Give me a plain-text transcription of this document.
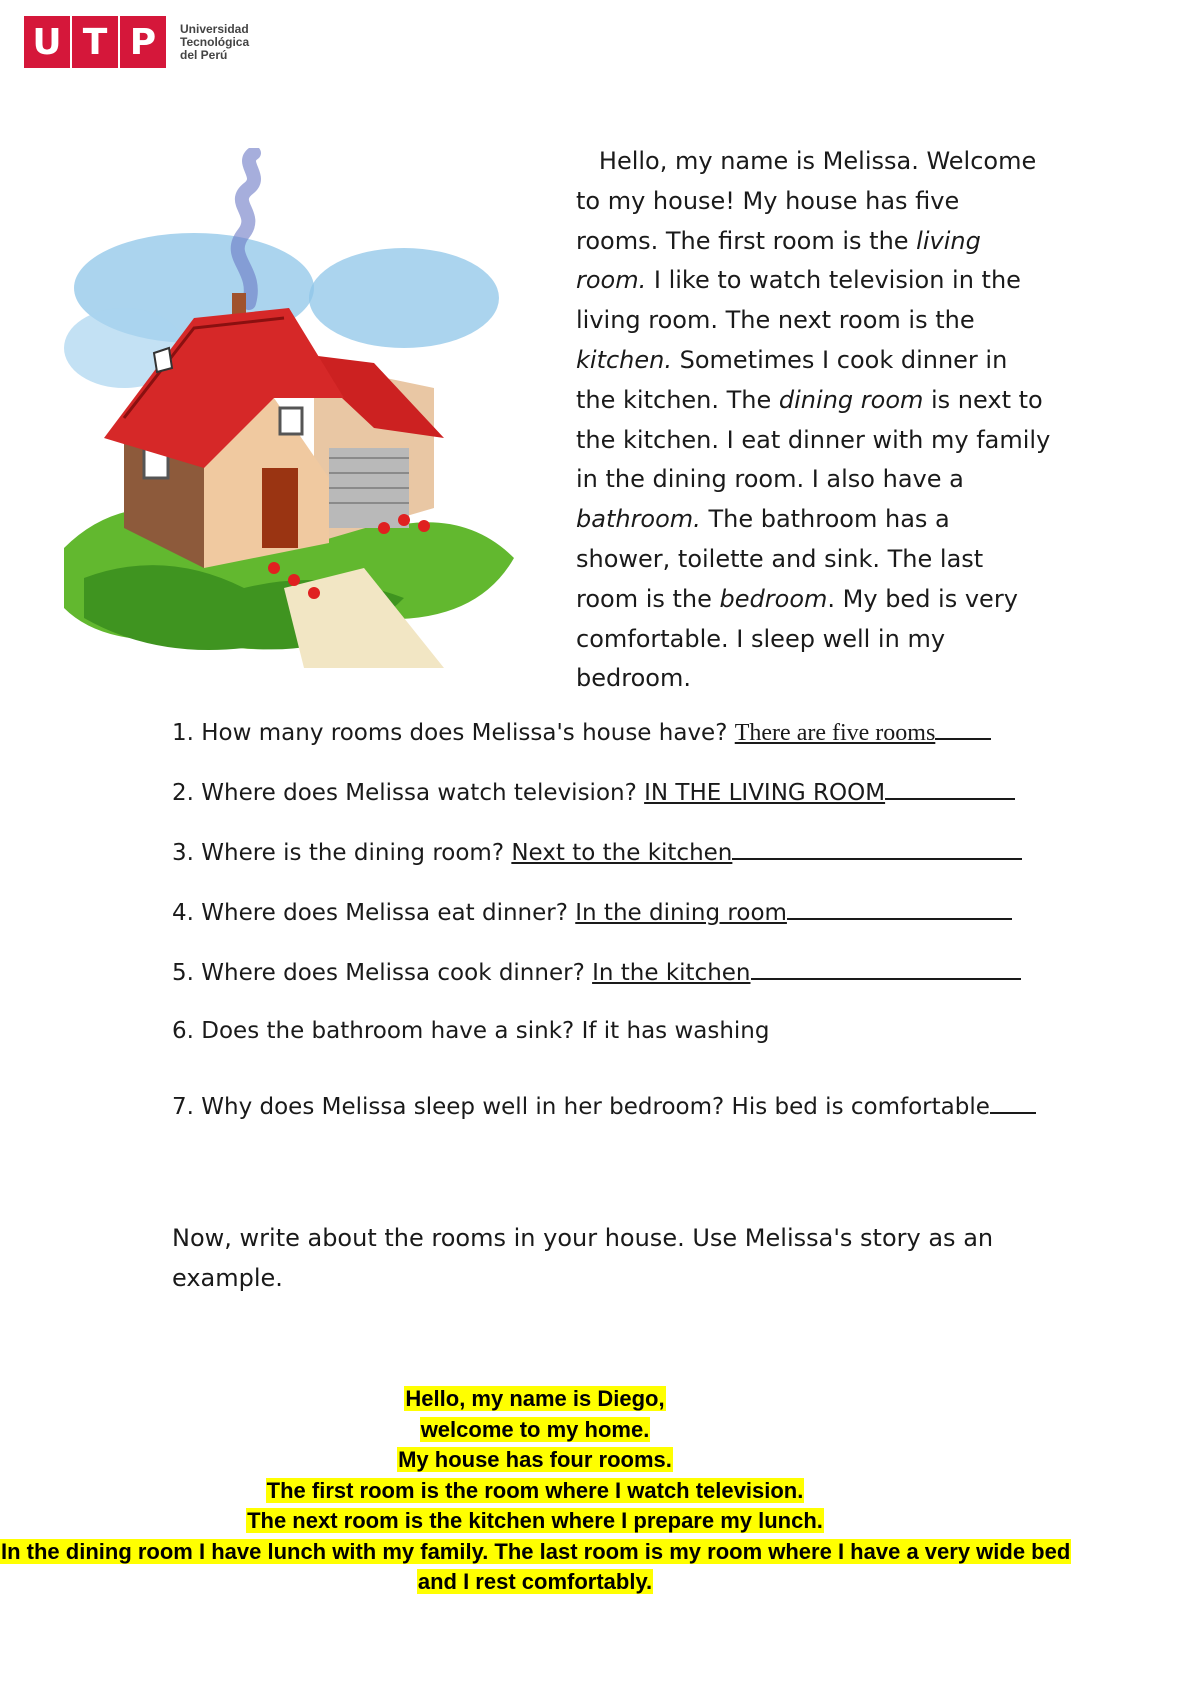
U T P	Universidad
Tecnológica
del Perú
Hello, my name is Melissa. Welcome
to my house! My house has five
rooms. The first room is the living
room. I like to watch television in the
living room. The next room is the
kitchen. Sometimes I cook dinner in
the kitchen. The dining room is next to
the kitchen. I eat dinner with my family
in the dining room. I also have a
bathroom. The bathroom has a
shower, toilette and sink. The last
room is the bedroom. My bed is very
comfortable. I sleep well in my
bedroom.
1. How many rooms does Melissa's house have? There are five rooms
2. Where does Melissa watch television? IN THE LIVING ROOM
3. Where is the dining room? Next to the kitchen
4. Where does Melissa eat dinner? In the dining room
5. Where does Melissa cook dinner? In the kitchen
6. Does the bathroom have a sink? If it has washing
7. Why does Melissa sleep well in her bedroom? His bed is comfortable
Now, write about the rooms in your house. Use Melissa's story as an example.
Hello, my name is Diego,
welcome to my home.
My house has four rooms.
The first room is the room where I watch television.
The next room is the kitchen where I prepare my lunch.
In the dining room I have lunch with my family. The last room is my room where I have a very wide bed
and I rest comfortably.
